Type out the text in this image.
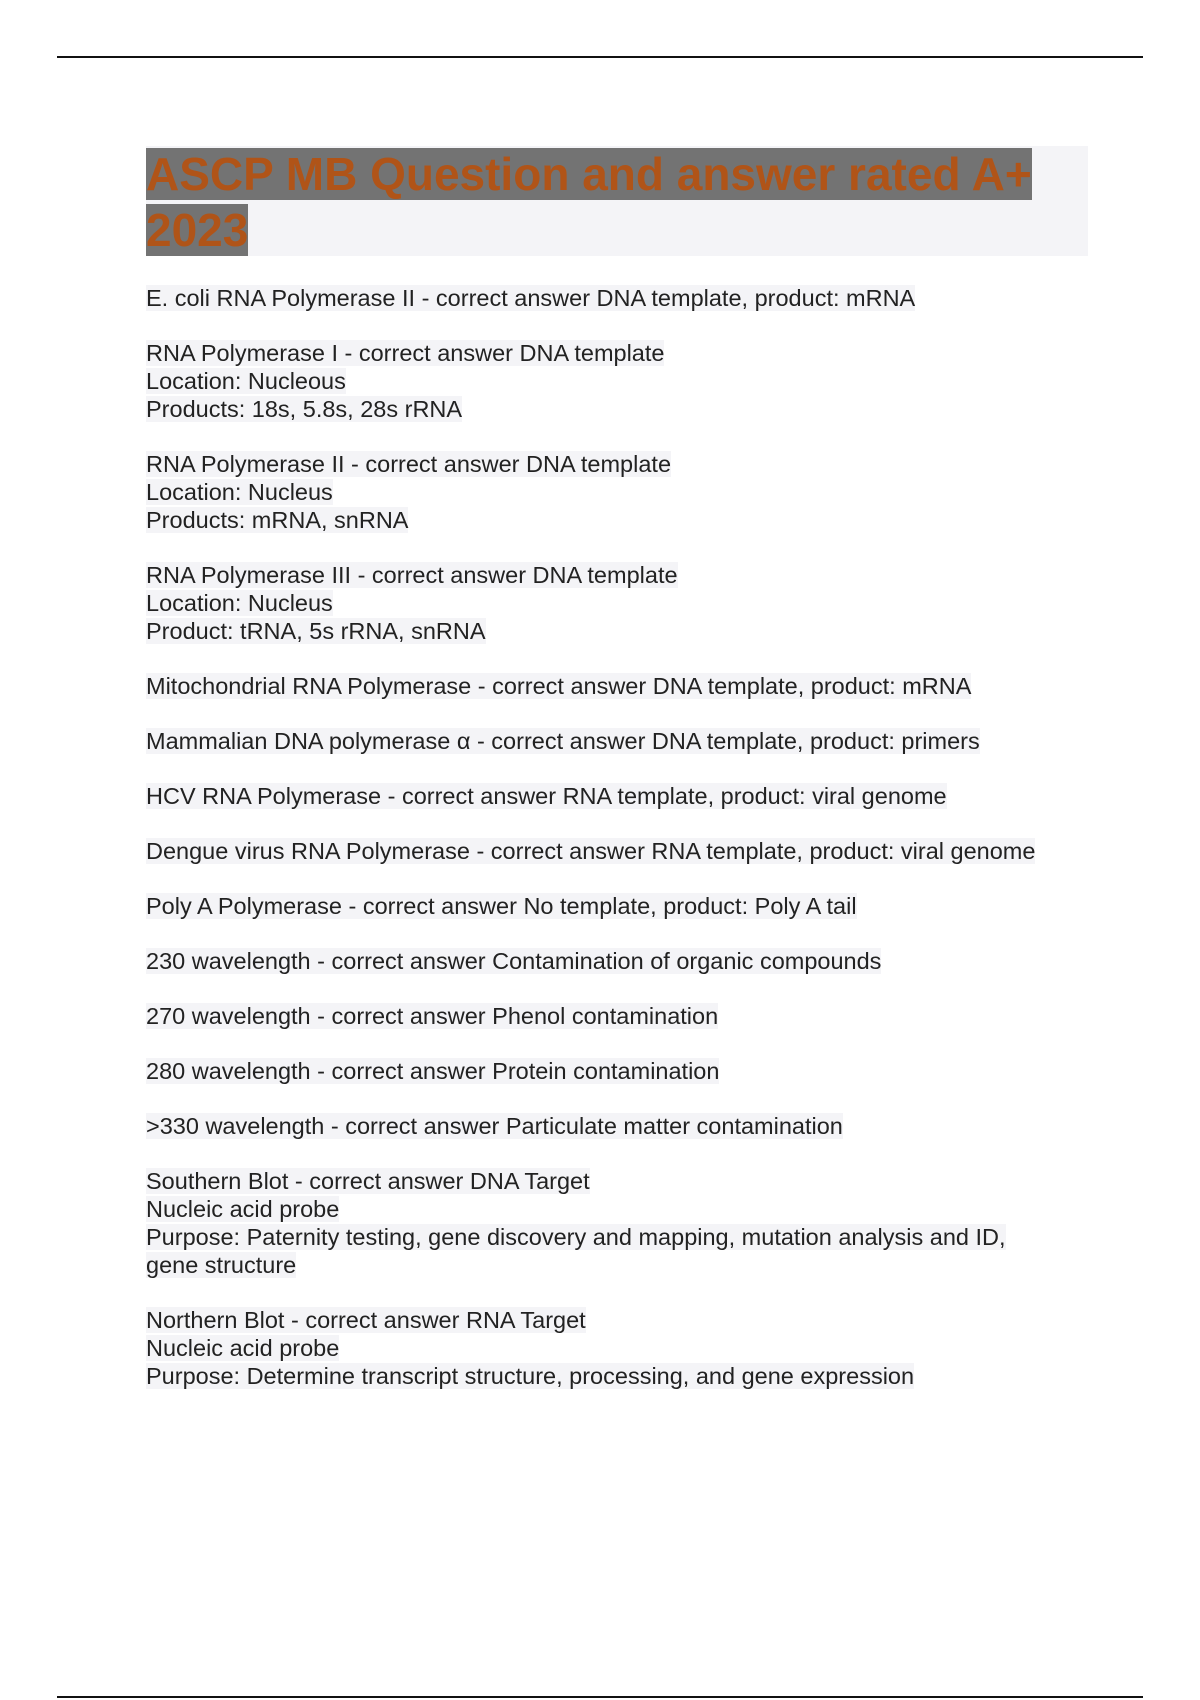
ASCP MB Question and answer rated A+ 2023
E. coli RNA Polymerase II - correct answer DNA template, product: mRNA
RNA Polymerase I - correct answer DNA template
Location: Nucleous
Products: 18s, 5.8s, 28s rRNA
RNA Polymerase II - correct answer DNA template
Location: Nucleus
Products: mRNA, snRNA
RNA Polymerase III - correct answer DNA template
Location: Nucleus
Product: tRNA, 5s rRNA, snRNA
Mitochondrial RNA Polymerase - correct answer DNA template, product: mRNA
Mammalian DNA polymerase α - correct answer DNA template, product: primers
HCV RNA Polymerase - correct answer RNA template, product: viral genome
Dengue virus RNA Polymerase - correct answer RNA template, product: viral genome
Poly A Polymerase - correct answer No template, product: Poly A tail
230 wavelength - correct answer Contamination of organic compounds
270 wavelength - correct answer Phenol contamination
280 wavelength - correct answer Protein contamination
>330 wavelength - correct answer Particulate matter contamination
Southern Blot - correct answer DNA Target
Nucleic acid probe
Purpose: Paternity testing, gene discovery and mapping, mutation analysis and ID,
gene structure
Northern Blot - correct answer RNA Target
Nucleic acid probe
Purpose: Determine transcript structure, processing, and gene expression
